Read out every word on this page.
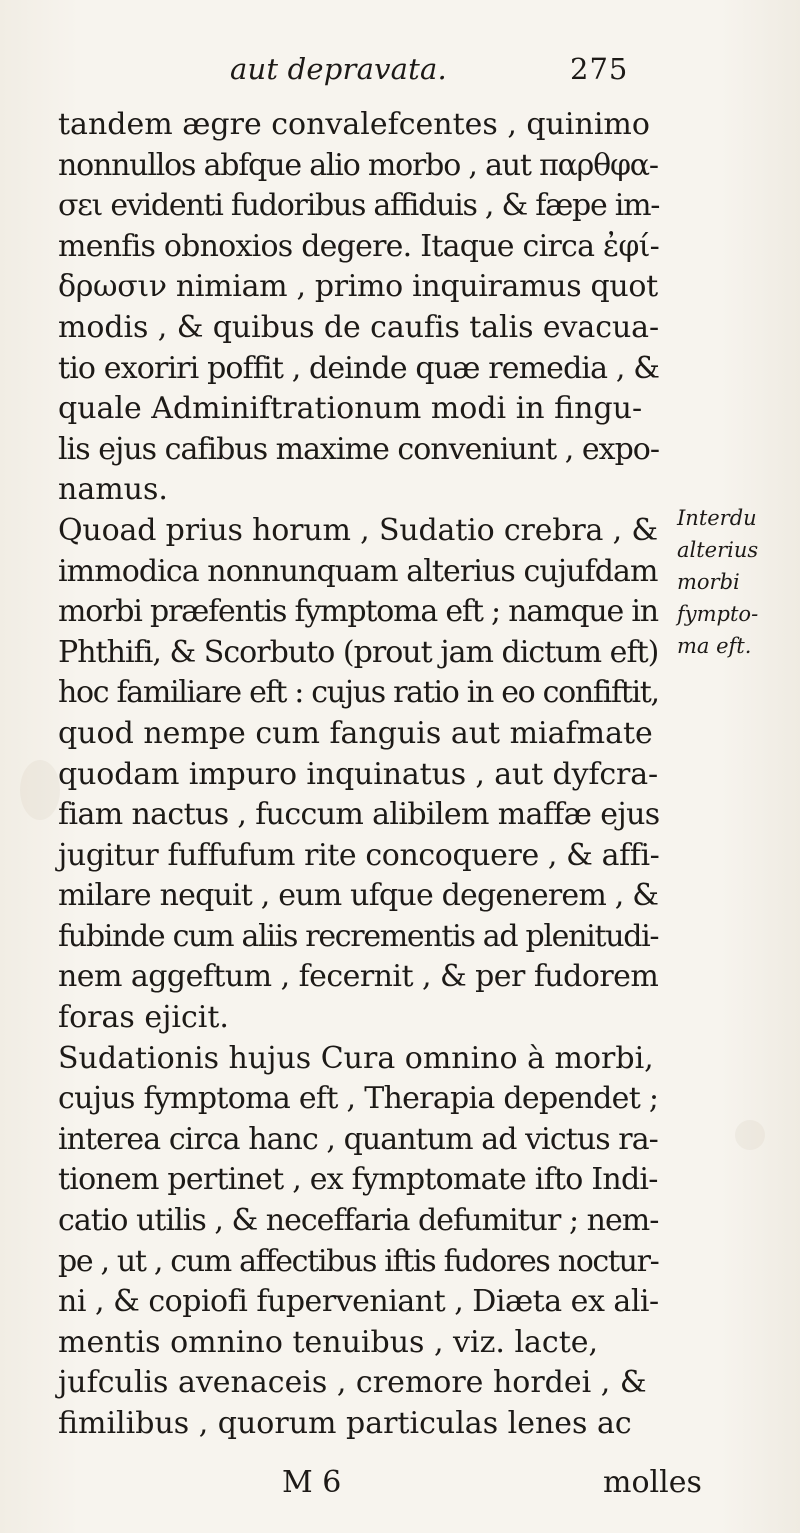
aut depravata.	275
tandem ægre convalefcentes , quinimo
nonnullos abfque alio morbo , aut παρθφα-
σει evidenti fudoribus affiduis , & fæpe im-
menfis obnoxios degere. Itaque circa ἐφί-
δρωσιν nimiam , primo inquiramus quot
modis , & quibus de caufis talis evacua-
tio exoriri poffit , deinde quæ remedia , &
quale Adminiftrationum modi in fingu-
lis ejus cafibus maxime conveniunt , expo-
namus.
Quoad prius horum , Sudatio crebra , &
immodica nonnunquam alterius cujufdam
morbi præfentis fymptoma eft ; namque in
Phthifi, & Scorbuto (prout jam dictum eft)
hoc familiare eft : cujus ratio in eo confiftit,
quod nempe cum fanguis aut miafmate
quodam impuro inquinatus , aut dyfcra-
fiam nactus , fuccum alibilem maffæ ejus
jugitur fuffufum rite concoquere , & affi-
milare nequit , eum ufque degenerem , &
fubinde cum aliis recrementis ad plenitudi-
nem aggeftum , fecernit , & per fudorem
foras ejicit.
Sudationis hujus Cura omnino à morbi,
cujus fymptoma eft , Therapia dependet ;
interea circa hanc , quantum ad victus ra-
tionem pertinet , ex fymptomate ifto Indi-
catio utilis , & neceffaria defumitur ; nem-
pe , ut , cum affectibus iftis fudores noctur-
ni , & copiofi fuperveniant , Diæta ex ali-
mentis omnino tenuibus , viz. lacte,
jufculis avenaceis , cremore hordei , &
fimilibus , quorum particulas lenes ac
Interdu
alterius
morbi
fympto-
ma eft.
M 6	molles
